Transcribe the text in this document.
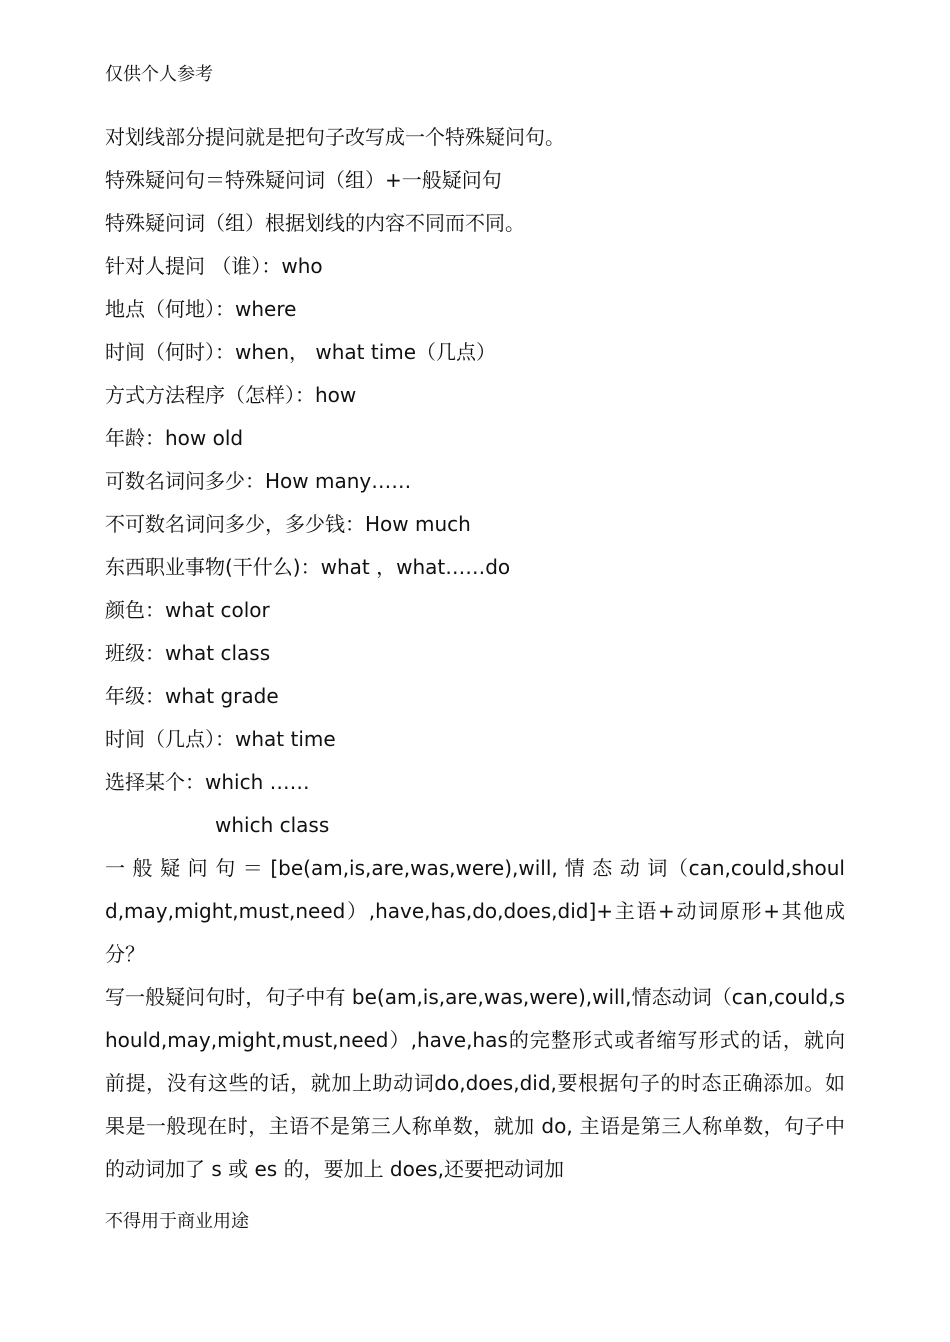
仅供个人参考
对划线部分提问就是把句子改写成一个特殊疑问句。
特殊疑问句＝特殊疑问词（组）+一般疑问句
特殊疑问词（组）根据划线的内容不同而不同。
针对人提问 （谁）：who
地点（何地）：where
时间（何时）：when， what time（几点）
方式方法程序（怎样）：how
年龄：how old
可数名词问多少：How many……
不可数名词问多少，多少钱：How much
东西职业事物(干什么)：what ，what……do
颜色：what color
班级：what class
年级：what grade
时间（几点）：what time
选择某个：which ……
which class
一 般 疑 问 句 ＝ [be(am,is,are,was,were),will, 情 态 动 词（can,could,should,may,might,must,need）,have,has,do,does,did]+主语+动词原形+其他成分？
写一般疑问句时，句子中有 be(am,is,are,was,were),will,情态动词（can,could,should,may,might,must,need）,have,has的完整形式或者缩写形式的话，就向前提，没有这些的话，就加上助动词do,does,did,要根据句子的时态正确添加。如果是一般现在时，主语不是第三人称单数，就加 do, 主语是第三人称单数，句子中的动词加了 s 或 es 的，要加上 does,还要把动词加
不得用于商业用途
